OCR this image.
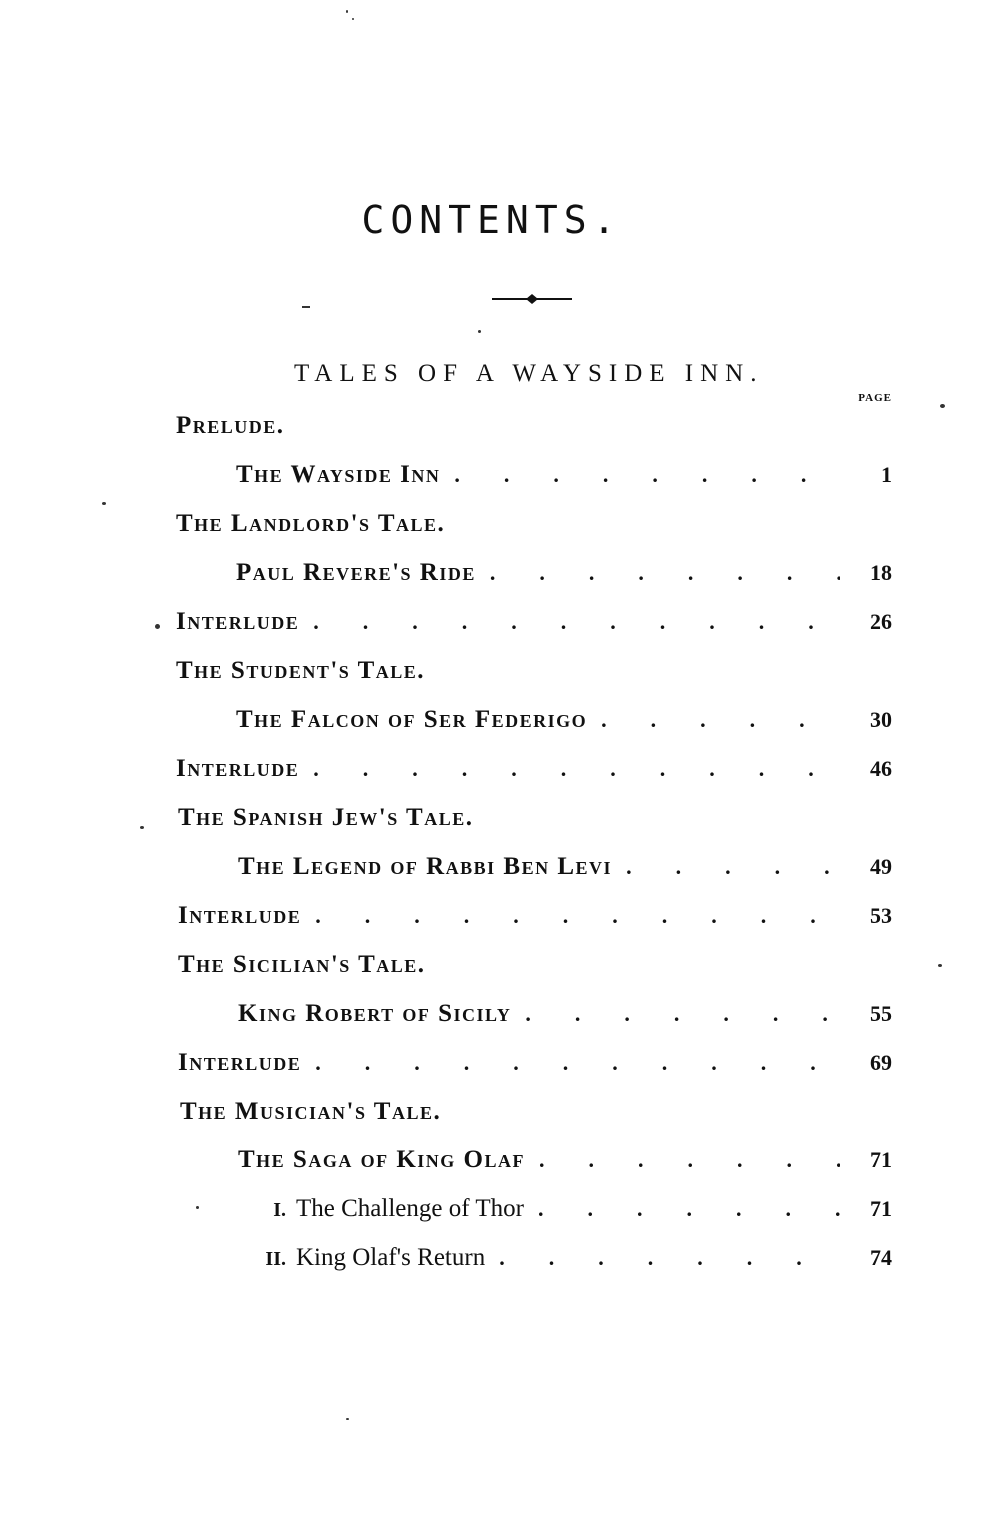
CONTENTS.
TALES OF A WAYSIDE INN.
PAGE
Prelude.
The Wayside Inn .	1
The Landlord's Tale.
Paul Revere's Ride .	18
Interlude .	26
The Student's Tale.
The Falcon of Ser Federigo .	30
Interlude .	46
The Spanish Jew's Tale.
The Legend of Rabbi Ben Levi .	49
Interlude .	53
The Sicilian's Tale.
King Robert of Sicily .	55
Interlude .	69
The Musician's Tale.
The Saga of King Olaf .	71
I. The Challenge of Thor .	71
II. King Olaf's Return .	74
